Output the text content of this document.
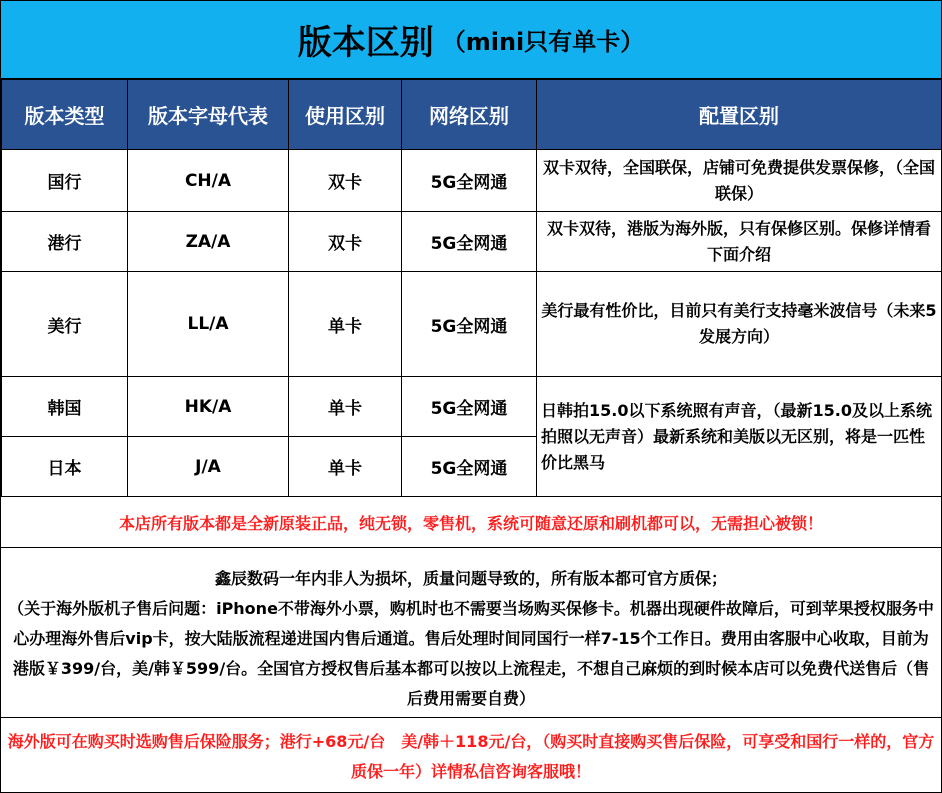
版本区别 （mini只有单卡）
版本类型	版本字母代表	使用区别	网络区别	配置区别
国行	CH/A	双卡	5G全网通	双卡双待，全国联保，店铺可免费提供发票保修，（全国联保）
港行	ZA/A	双卡	5G全网通	双卡双待，港版为海外版，只有保修区别。保修详情看下面介绍
美行	LL/A	单卡	5G全网通	美行最有性价比，目前只有美行支持毫米波信号（未来5发展方向）
韩国	HK/A	单卡	5G全网通	日韩拍15.0以下系统照有声音，（最新15.0及以上系统拍照以无声音）最新系统和美版以无区别，将是一匹性价比黑马
日本	J/A	单卡	5G全网通	
本店所有版本都是全新原装正品，纯无锁，零售机，系统可随意还原和刷机都可以，无需担心被锁！

鑫辰数码一年内非人为损坏，质量问题导致的，所有版本都可官方质保；

（关于海外版机子售后问题：iPhone不带海外小票，购机时也不需要当场购买保修卡。机器出现硬件故障后，可到苹果授权服务中心办理海外售后vip卡，按大陆版流程递进国内售后通道。售后处理时间同国行一样7-15个工作日。费用由客服中心收取，目前为港版￥399/台，美/韩￥599/台。全国官方授权售后基本都可以按以上流程走，不想自己麻烦的到时候本店可以免费代送售后（售后费用需要自费）

海外版可在购买时选购售后保险服务；港行+68元/台　美/韩＋118元/台，（购买时直接购买售后保险，可享受和国行一样的，官方质保一年）详情私信咨询客服哦！
